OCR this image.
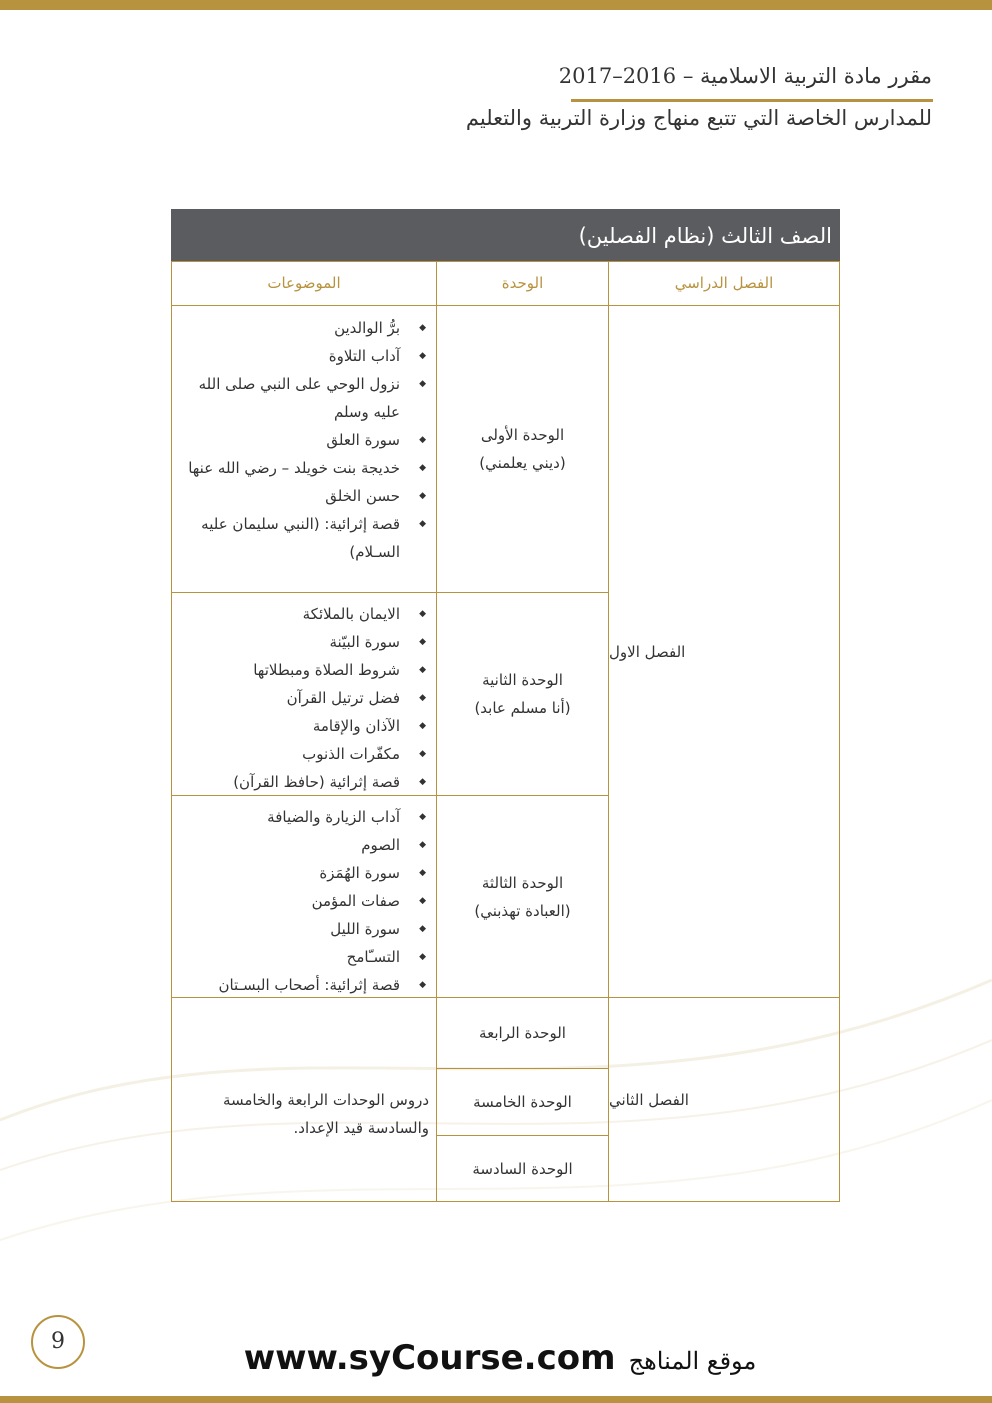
مقرر مادة التربية الاسلامية – 2016–2017
للمدارس الخاصة التي تتبع منهاج وزارة التربية والتعليم
الصف الثالث (نظام الفصلين)
الفصل الدراسي
الوحدة
الموضوعات
الفصل الاول
الوحدة الأولى
(ديني يعلمني)
◆ برُّ الوالدين
◆ آداب التلاوة
◆ نزول الوحي على النبي صلى الله عليه وسلم
◆ سورة العلق
◆ خديجة بنت خويلد – رضي الله عنها
◆ حسن الخلق
◆ قصة إثرائية: (النبي سليمان عليه السـلام)
الوحدة الثانية
(أنا مسلم عابد)
◆ الايمان بالملائكة
◆ سورة البيّنة
◆ شروط الصلاة ومبطلاتها
◆ فضل ترتيل القرآن
◆ الآذان والإقامة
◆ مكفّرات الذنوب
◆ قصة إثرائية (حافظ القرآن)
الوحدة الثالثة
(العبادة تهذبني)
◆ آداب الزيارة والضيافة
◆ الصوم
◆ سورة الهُمَزة
◆ صفات المؤمن
◆ سورة الليل
◆ التسـّامح
◆ قصة إثرائية: أصحاب البسـتان
الفصل الثاني
الوحدة الرابعة
الوحدة الخامسة
الوحدة السادسة
دروس الوحدات الرابعة والخامسة والسادسة قيد الإعداد.
9	www.syCourse.com موقع المناهج
